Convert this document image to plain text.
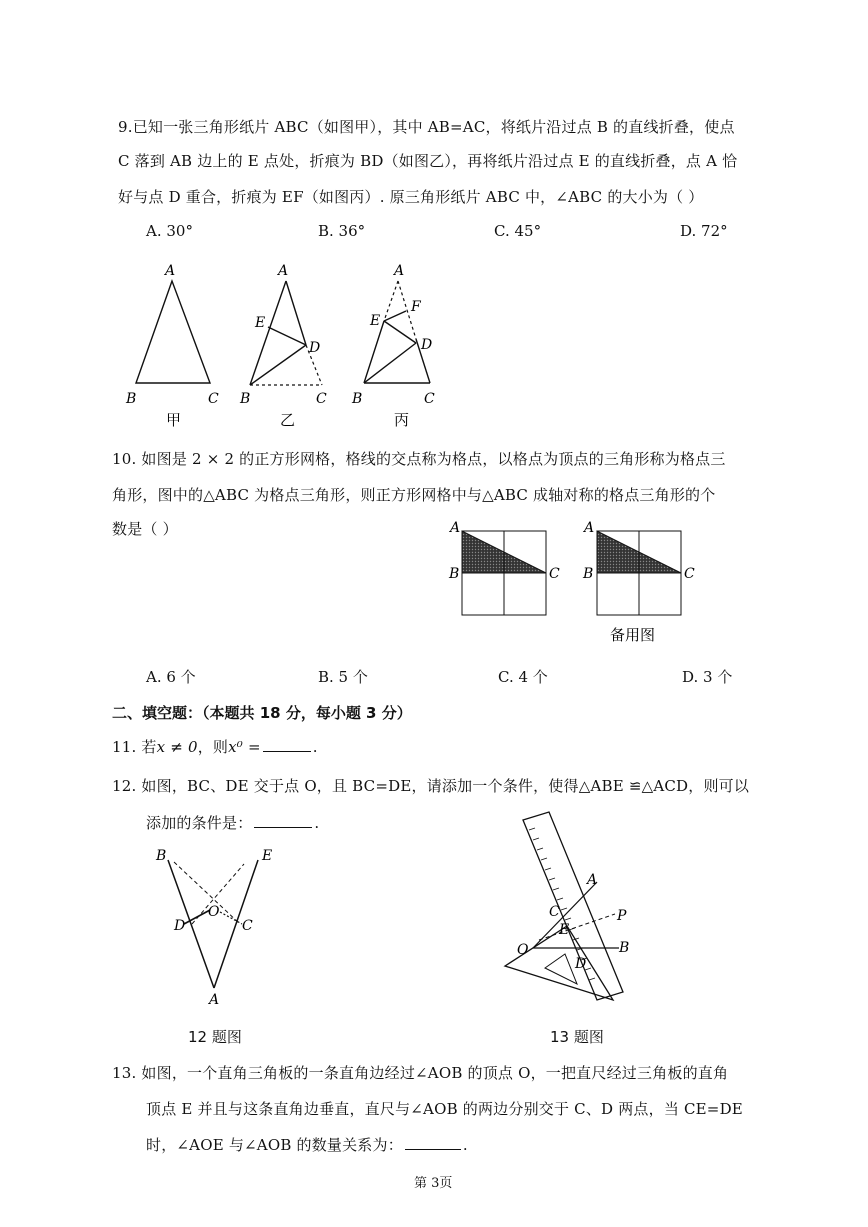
9.已知一张三角形纸片 ABC（如图甲），其中 AB=AC，将纸片沿过点 B 的直线折叠，使点
C 落到 AB 边上的 E 点处，折痕为 BD（如图乙），再将纸片沿过点 E 的直线折叠，点 A 恰
好与点 D 重合，折痕为 EF（如图丙）. 原三角形纸片 ABC 中，∠ABC 的大小为（ ）
A. 30°	B. 36°	C. 45°	D. 72°
A
B	C
甲
A
E
D
B	C
乙
A
E
F
D
B	C
丙
10. 如图是 2 × 2 的正方形网格，格线的交点称为格点，以格点为顶点的三角形称为格点三
角形，图中的△ABC 为格点三角形，则正方形网格中与△ABC 成轴对称的格点三角形的个
数是（ ）	A
B	C
A
B	C
备用图
A. 6 个	B. 5 个	C. 4 个	D. 3 个
二、填空题：（本题共 18 分，每小题 3 分）
11. 若x ≠ 0，则x⁰ =	.
12. 如图，BC、DE 交于点 O，且 BC=DE，请添加一个条件，使得△ABE ≌△ACD，则可以
添加的条件是：	.
B	E
D
O
C
A
12 题图
A
P
C
E
O	B
D
13 题图
13. 如图，一个直角三角板的一条直角边经过∠AOB 的顶点 O，一把直尺经过三角板的直角
顶点 E 并且与这条直角边垂直，直尺与∠AOB 的两边分别交于 C、D 两点，当 CE=DE
时，∠AOE 与∠AOB 的数量关系为：	.
第 3页
